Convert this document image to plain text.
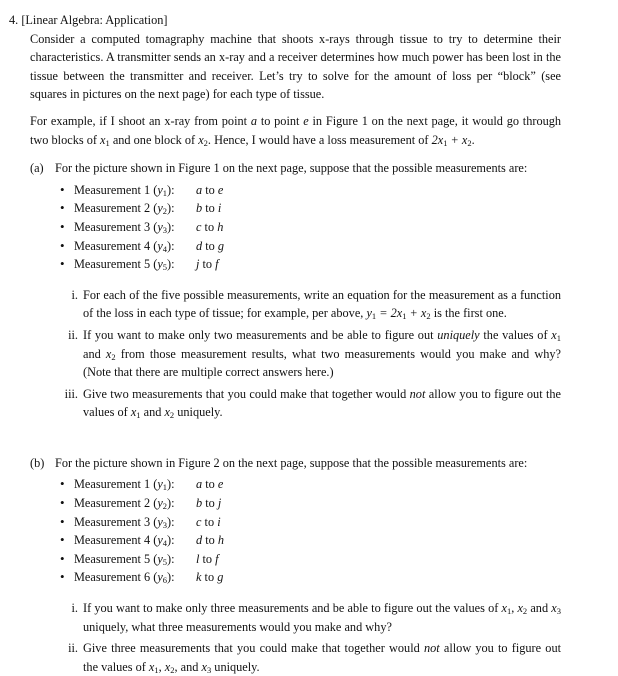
4. [Linear Algebra: Application]

Consider a computed tomagraphy machine that shoots x-rays through tissue to try to determine their characteristics. A transmitter sends an x-ray and a receiver determines how much power has been lost in the tissue between the transmitter and receiver. Let’s try to solve for the amount of loss per “block” (see squares in pictures on the next page) for each type of tissue.

For example, if I shoot an x-ray from point a to point e in Figure 1 on the next page, it would go through two blocks of $x_1$ and one block of $x_2$. Hence, I would have a loss measurement of $2x_1 + x_2$.

(a) For the picture shown in Figure 1 on the next page, suppose that the possible measurements are:
• Measurement 1 $(y_1)$: a to e
• Measurement 2 $(y_2)$: b to i
• Measurement 3 $(y_3)$: c to h
• Measurement 4 $(y_4)$: d to g
• Measurement 5 $(y_5)$: j to f
i. For each of the five possible measurements, write an equation for the measurement as a function of the loss in each type of tissue; for example, per above, $y_1 = 2x_1 + x_2$ is the first one.
ii. If you want to make only two measurements and be able to figure out uniquely the values of $x_1$ and $x_2$ from those measurement results, what two measurements would you make and why? (Note that there are multiple correct answers here.)
iii. Give two measurements that you could make that together would not allow you to figure out the values of $x_1$ and $x_2$ uniquely.
(b) For the picture shown in Figure 2 on the next page, suppose that the possible measurements are:
• Measurement 1 $(y_1)$: a to e
• Measurement 2 $(y_2)$: b to j
• Measurement 3 $(y_3)$: c to i
• Measurement 4 $(y_4)$: d to h
• Measurement 5 $(y_5)$: l to f
• Measurement 6 $(y_6)$: k to g
i. If you want to make only three measurements and be able to figure out the values of $x_1$, $x_2$ and $x_3$ uniquely, what three measurements would you make and why?
ii. Give three measurements that you could make that together would not allow you to figure out the values of $x_1$, $x_2$, and $x_3$ uniquely.
